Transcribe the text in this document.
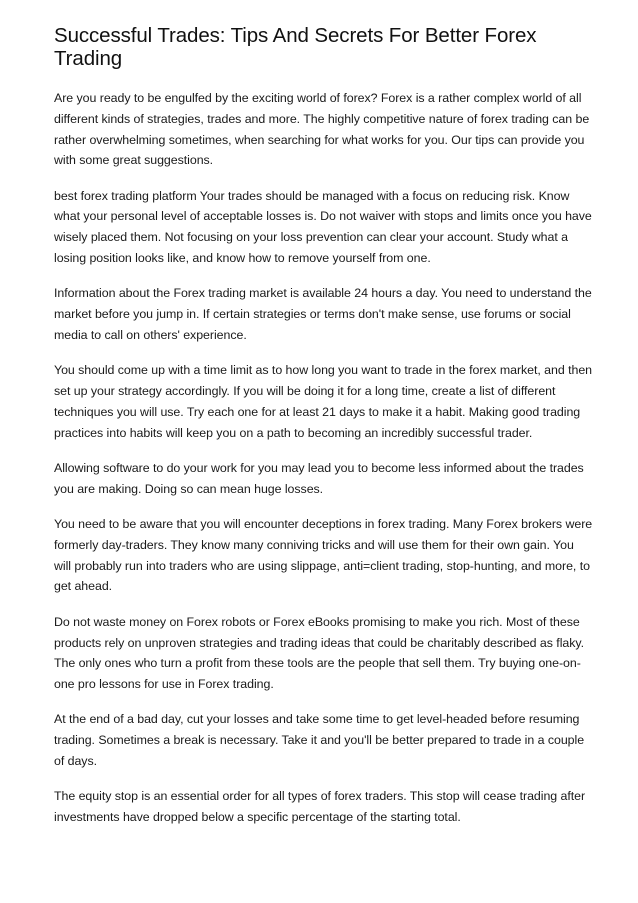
Successful Trades: Tips And Secrets For Better Forex Trading

Are you ready to be engulfed by the exciting world of forex? Forex is a rather complex world of all different kinds of strategies, trades and more. The highly competitive nature of forex trading can be rather overwhelming sometimes, when searching for what works for you. Our tips can provide you with some great suggestions.

best forex trading platform Your trades should be managed with a focus on reducing risk. Know what your personal level of acceptable losses is. Do not waiver with stops and limits once you have wisely placed them. Not focusing on your loss prevention can clear your account. Study what a losing position looks like, and know how to remove yourself from one.

Information about the Forex trading market is available 24 hours a day. You need to understand the market before you jump in. If certain strategies or terms don't make sense, use forums or social media to call on others' experience.

You should come up with a time limit as to how long you want to trade in the forex market, and then set up your strategy accordingly. If you will be doing it for a long time, create a list of different techniques you will use. Try each one for at least 21 days to make it a habit. Making good trading practices into habits will keep you on a path to becoming an incredibly successful trader.

Allowing software to do your work for you may lead you to become less informed about the trades you are making. Doing so can mean huge losses.

You need to be aware that you will encounter deceptions in forex trading. Many Forex brokers were formerly day-traders. They know many conniving tricks and will use them for their own gain. You will probably run into traders who are using slippage, anti=client trading, stop-hunting, and more, to get ahead.

Do not waste money on Forex robots or Forex eBooks promising to make you rich. Most of these products rely on unproven strategies and trading ideas that could be charitably described as flaky. The only ones who turn a profit from these tools are the people that sell them. Try buying one-on-one pro lessons for use in Forex trading.

At the end of a bad day, cut your losses and take some time to get level-headed before resuming trading. Sometimes a break is necessary. Take it and you'll be better prepared to trade in a couple of days.

The equity stop is an essential order for all types of forex traders. This stop will cease trading after investments have dropped below a specific percentage of the starting total.
